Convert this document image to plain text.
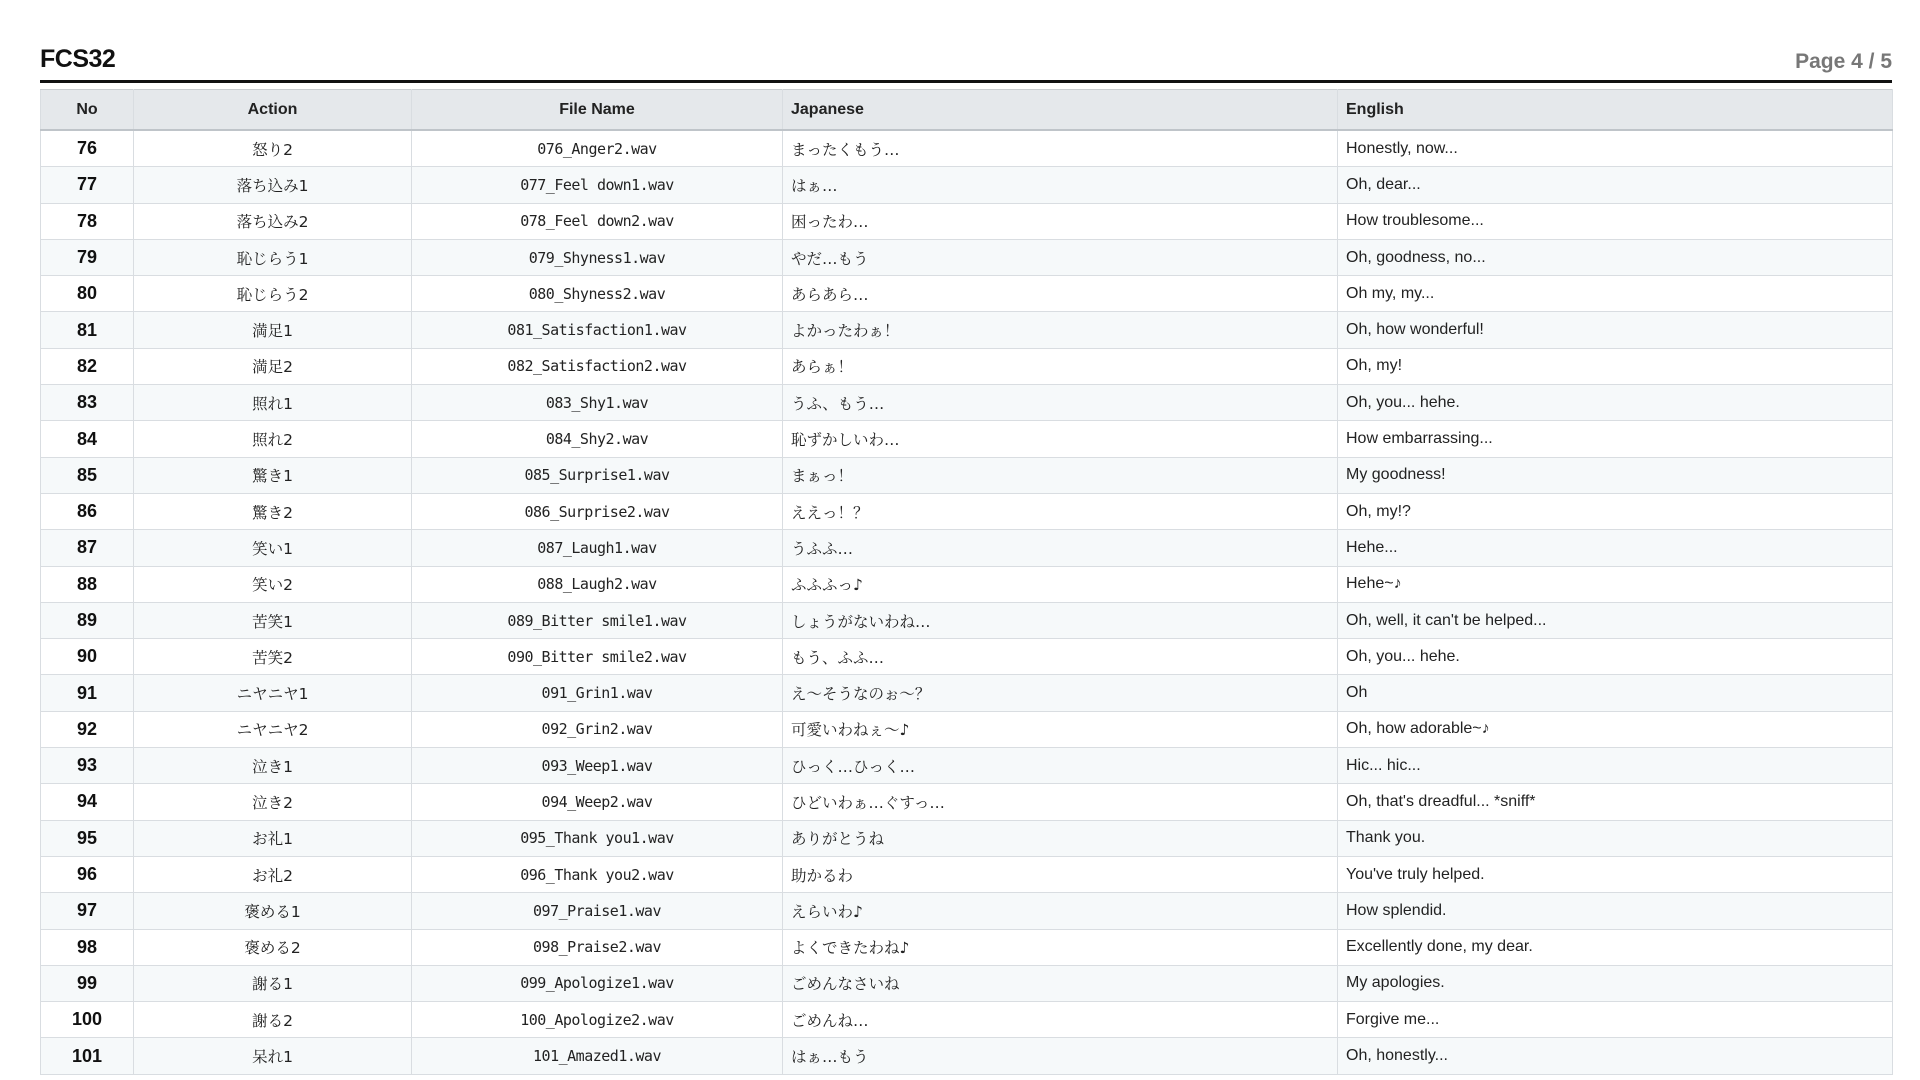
FCS32	Page 4 / 5
No	Action	File Name	Japanese	English
76	怒り2	076_Anger2.wav	まったくもう…	Honestly, now...
77	落ち込み1	077_Feel down1.wav	はぁ…	Oh, dear...
78	落ち込み2	078_Feel down2.wav	困ったわ…	How troublesome...
79	恥じらう1	079_Shyness1.wav	やだ…もう	Oh, goodness, no...
80	恥じらう2	080_Shyness2.wav	あらあら…	Oh my, my...
81	満足1	081_Satisfaction1.wav	よかったわぁ！	Oh, how wonderful!
82	満足2	082_Satisfaction2.wav	あらぁ！	Oh, my!
83	照れ1	083_Shy1.wav	うふ、もう…	Oh, you... hehe.
84	照れ2	084_Shy2.wav	恥ずかしいわ…	How embarrassing...
85	驚き1	085_Surprise1.wav	まぁっ！	My goodness!
86	驚き2	086_Surprise2.wav	ええっ！？	Oh, my!?
87	笑い1	087_Laugh1.wav	うふふ…	Hehe...
88	笑い2	088_Laugh2.wav	ふふふっ♪	Hehe~♪
89	苦笑1	089_Bitter smile1.wav	しょうがないわね…	Oh, well, it can't be helped...
90	苦笑2	090_Bitter smile2.wav	もう、ふふ…	Oh, you... hehe.
91	ニヤニヤ1	091_Grin1.wav	え〜そうなのぉ〜？	Oh
92	ニヤニヤ2	092_Grin2.wav	可愛いわねぇ〜♪	Oh, how adorable~♪
93	泣き1	093_Weep1.wav	ひっく…ひっく…	Hic... hic...
94	泣き2	094_Weep2.wav	ひどいわぁ…ぐすっ…	Oh, that's dreadful... *sniff*
95	お礼1	095_Thank you1.wav	ありがとうね	Thank you.
96	お礼2	096_Thank you2.wav	助かるわ	You've truly helped.
97	褒める1	097_Praise1.wav	えらいわ♪	How splendid.
98	褒める2	098_Praise2.wav	よくできたわね♪	Excellently done, my dear.
99	謝る1	099_Apologize1.wav	ごめんなさいね	My apologies.
100	謝る2	100_Apologize2.wav	ごめんね…	Forgive me...
101	呆れ1	101_Amazed1.wav	はぁ…もう	Oh, honestly...
